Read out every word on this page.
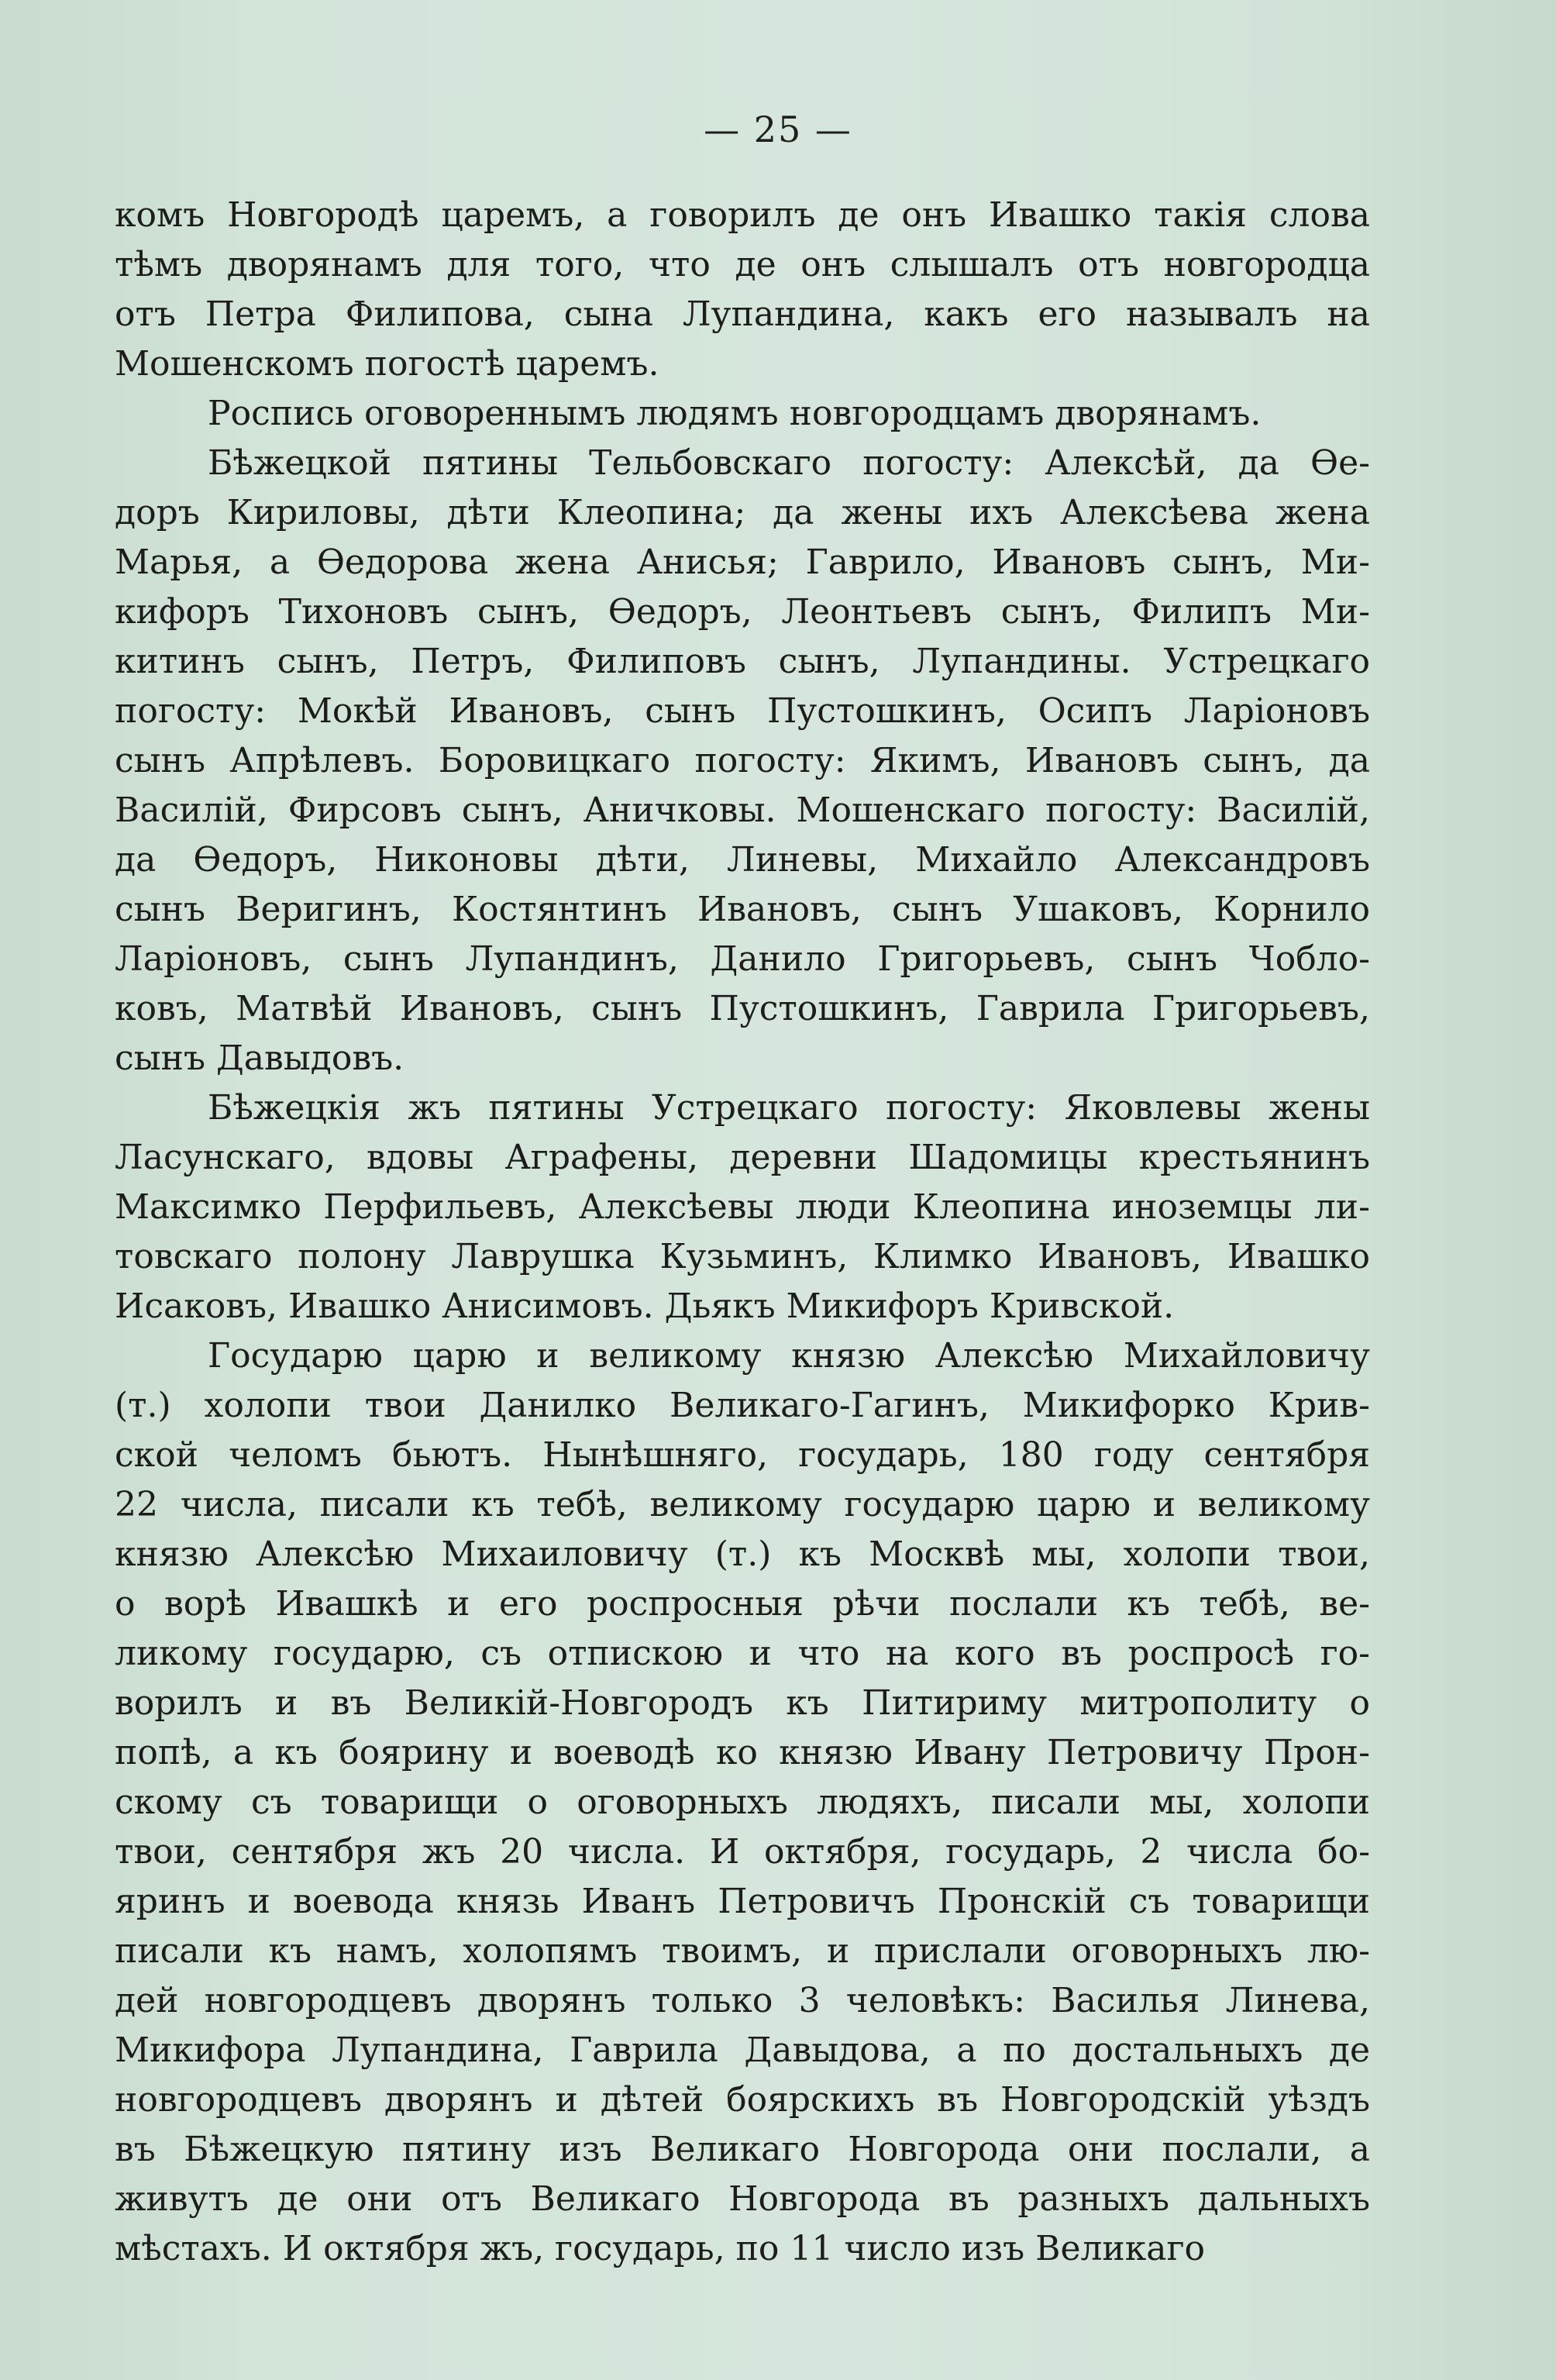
— 25 —
комъ Новгородѣ царемъ, а говорилъ де онъ Ивашко такія слова
тѣмъ дворянамъ для того, что де онъ слышалъ отъ новгородца
отъ Петра Филипова, сына Лупандина, какъ его называлъ на
Мошенскомъ погостѣ царемъ.
Роспись оговореннымъ людямъ новгородцамъ дворянамъ.
Бѣжецкой пятины Тельбовскаго погосту: Алексѣй, да Ѳе-
доръ Кириловы, дѣти Клеопина; да жены ихъ Алексѣева жена
Марья, а Ѳедорова жена Анисья; Гаврило, Ивановъ сынъ, Ми-
кифоръ Тихоновъ сынъ, Ѳедоръ, Леонтьевъ сынъ, Филипъ Ми-
китинъ сынъ, Петръ, Филиповъ сынъ, Лупандины. Устрецкаго
погосту: Мокѣй Ивановъ, сынъ Пустошкинъ, Осипъ Ларіоновъ
сынъ Апрѣлевъ. Боровицкаго погосту: Якимъ, Ивановъ сынъ, да
Василій, Фирсовъ сынъ, Аничковы. Мошенскаго погосту: Василій,
да Ѳедоръ, Никоновы дѣти, Линевы, Михайло Александровъ
сынъ Веригинъ, Костянтинъ Ивановъ, сынъ Ушаковъ, Корнило
Ларіоновъ, сынъ Лупандинъ, Данило Григорьевъ, сынъ Чобло-
ковъ, Матвѣй Ивановъ, сынъ Пустошкинъ, Гаврила Григорьевъ,
сынъ Давыдовъ.
Бѣжецкія жъ пятины Устрецкаго погосту: Яковлевы жены
Ласунскаго, вдовы Аграфены, деревни Шадомицы крестьянинъ
Максимко Перфильевъ, Алексѣевы люди Клеопина иноземцы ли-
товскаго полону Лаврушка Кузьминъ, Климко Ивановъ, Ивашко
Исаковъ, Ивашко Анисимовъ. Дьякъ Микифоръ Кривской.
Государю царю и великому князю Алексѣю Михайловичу
(т.) холопи твои Данилко Великаго-Гагинъ, Микифорко Крив-
ской челомъ бьютъ. Нынѣшняго, государь, 180 году сентября
22 числа, писали къ тебѣ, великому государю царю и великому
князю Алексѣю Михаиловичу (т.) къ Москвѣ мы, холопи твои,
о ворѣ Ивашкѣ и его роспросныя рѣчи послали къ тебѣ, ве-
ликому государю, съ отпискою и что на кого въ роспросѣ го-
ворилъ и въ Великій-Новгородъ къ Питириму митрополиту о
попѣ, а къ боярину и воеводѣ ко князю Ивану Петровичу Прон-
скому съ товарищи о оговорныхъ людяхъ, писали мы, холопи
твои, сентября жъ 20 числа. И октября, государь, 2 числа бо-
яринъ и воевода князь Иванъ Петровичъ Пронскій съ товарищи
писали къ намъ, холопямъ твоимъ, и прислали оговорныхъ лю-
дей новгородцевъ дворянъ только 3 человѣкъ: Василья Линева,
Микифора Лупандина, Гаврила Давыдова, а по достальныхъ де
новгородцевъ дворянъ и дѣтей боярскихъ въ Новгородскій уѣздъ
въ Бѣжецкую пятину изъ Великаго Новгорода они послали, а
живутъ де они отъ Великаго Новгорода въ разныхъ дальныхъ
мѣстахъ. И октября жъ, государь, по 11 число изъ Великаго
